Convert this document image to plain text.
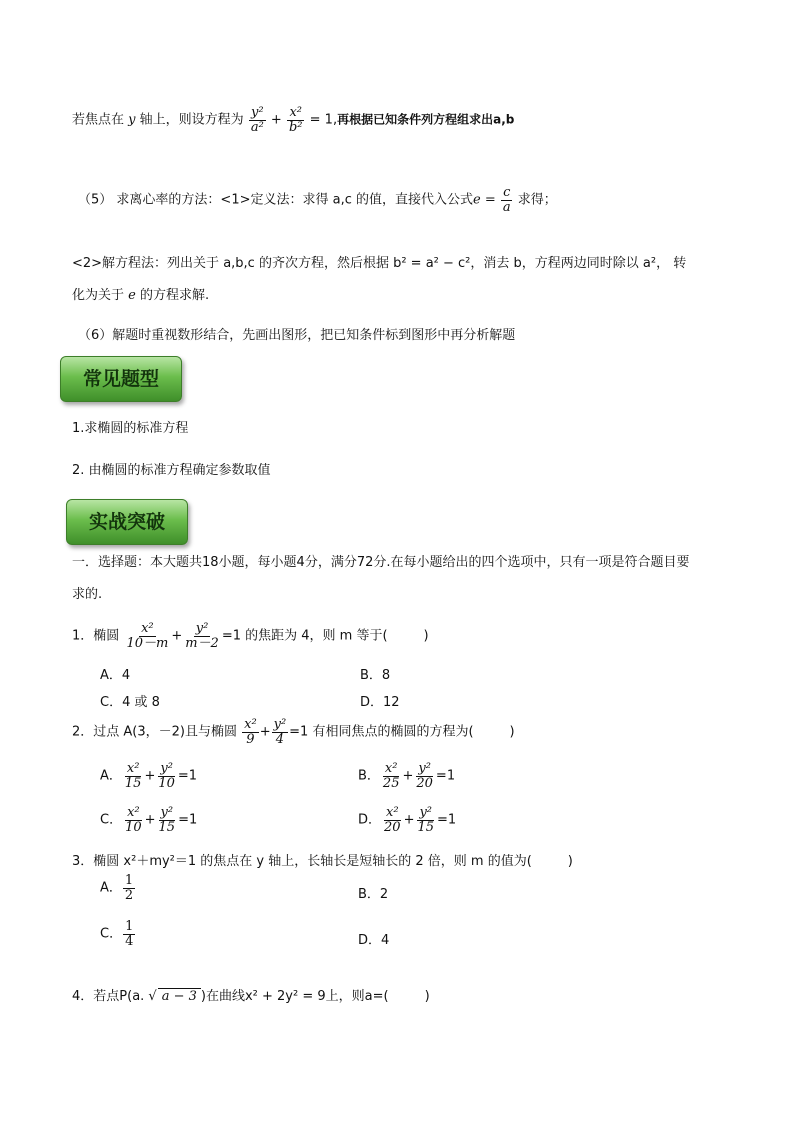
若焦点在 y 轴上，则设方程为 $\frac{\text{y²}}{\text{a²}} + \frac{\text{x²}}{\text{b²}} = 1$,再根据已知条件列方程组求出a,b
（5） 求离心率的方法：<1>定义法：求得 a,c 的值，直接代入公式$e = \frac{c}{a}$ 求得；
<2>解方程法：列出关于 a,b,c 的齐次方程，然后根据 b² = a² − c²，消去 b，方程两边同时除以 a²， 转
化为关于 e 的方程求解.
（6）解题时重视数形结合，先画出图形，把已知条件标到图形中再分析解题
常见题型
1.求椭圆的标准方程
2. 由椭圆的标准方程确定参数取值
实战突破
一．选择题：本大题共18小题，每小题4分，满分72分.在每小题给出的四个选项中，只有一项是符合题目要
求的.
1．椭圆 $\frac{\text{x²}}{10-m} + \frac{\text{y²}}{m-2} =1$ 的焦距为 4，则 m 等于(	)
A．4	B．8
C．4 或 8	D．12
2．过点 A(3，－2)且与椭圆 $\frac{\text{x²}}{9} + \frac{\text{y²}}{4} =1$ 有相同焦点的椭圆的方程为(	)
A． $\frac{\text{x²}}{15} + \frac{\text{y²}}{10} =1$	B． $\frac{\text{x²}}{25} + \frac{\text{y²}}{20} =1$
C． $\frac{\text{x²}}{10} + \frac{\text{y²}}{15} =1$	D． $\frac{\text{x²}}{20} + \frac{\text{y²}}{15} =1$
3．椭圆 x²＋my²＝1 的焦点在 y 轴上，长轴长是短轴长的 2 倍，则 m 的值为(	)
A． $\frac{1}{2}$	B．2
C． $\frac{1}{4}$	D．4
4．若点P(a. √ a − 3 )在曲线x² + 2y² = 9上，则a=(	)
